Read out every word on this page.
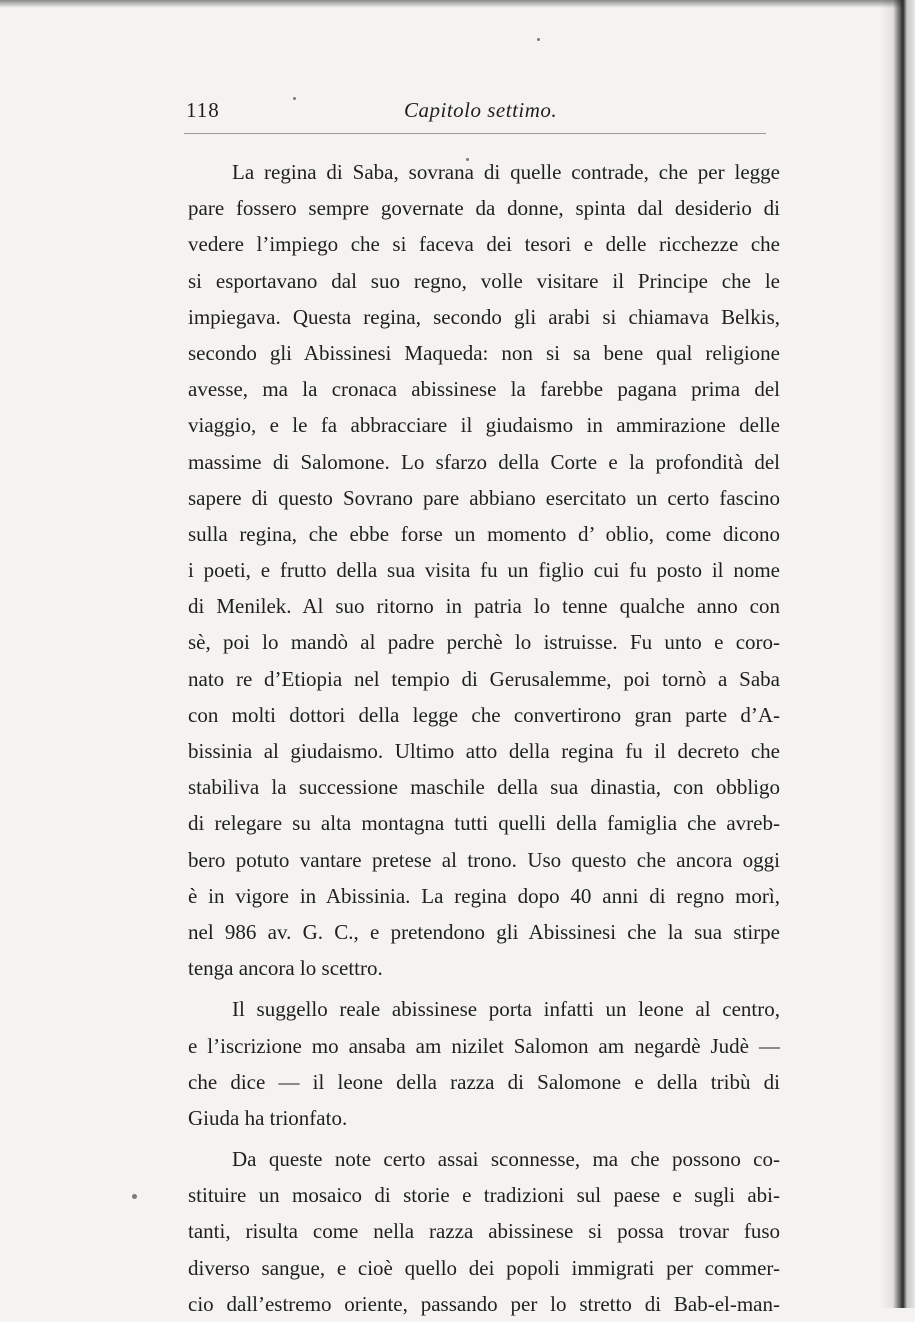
118	Capitolo settimo.
La regina di Saba, sovrana di quelle contrade, che per legge
pare fossero sempre governate da donne, spinta dal desiderio di
vedere l’impiego che si faceva dei tesori e delle ricchezze che
si esportavano dal suo regno, volle visitare il Principe che le
impiegava. Questa regina, secondo gli arabi si chiamava Belkis,
secondo gli Abissinesi Maqueda: non si sa bene qual religione
avesse, ma la cronaca abissinese la farebbe pagana prima del
viaggio, e le fa abbracciare il giudaismo in ammirazione delle
massime di Salomone. Lo sfarzo della Corte e la profondità del
sapere di questo Sovrano pare abbiano esercitato un certo fascino
sulla regina, che ebbe forse un momento d’ oblio, come dicono
i poeti, e frutto della sua visita fu un figlio cui fu posto il nome
di Menilek. Al suo ritorno in patria lo tenne qualche anno con
sè, poi lo mandò al padre perchè lo istruisse. Fu unto e coro-
nato re d’Etiopia nel tempio di Gerusalemme, poi tornò a Saba
con molti dottori della legge che convertirono gran parte d’A-
bissinia al giudaismo. Ultimo atto della regina fu il decreto che
stabiliva la successione maschile della sua dinastia, con obbligo
di relegare su alta montagna tutti quelli della famiglia che avreb-
bero potuto vantare pretese al trono. Uso questo che ancora oggi
è in vigore in Abissinia. La regina dopo 40 anni di regno morì,
nel 986 av. G. C., e pretendono gli Abissinesi che la sua stirpe
tenga ancora lo scettro.
Il suggello reale abissinese porta infatti un leone al centro,
e l’iscrizione mo ansaba am nizilet Salomon am negardè Judè —
che dice — il leone della razza di Salomone e della tribù di
Giuda ha trionfato.
Da queste note certo assai sconnesse, ma che possono co-
stituire un mosaico di storie e tradizioni sul paese e sugli abi-
tanti, risulta come nella razza abissinese si possa trovar fuso
diverso sangue, e cioè quello dei popoli immigrati per commer-
cio dall’estremo oriente, passando per lo stretto di Bab-el-man-
